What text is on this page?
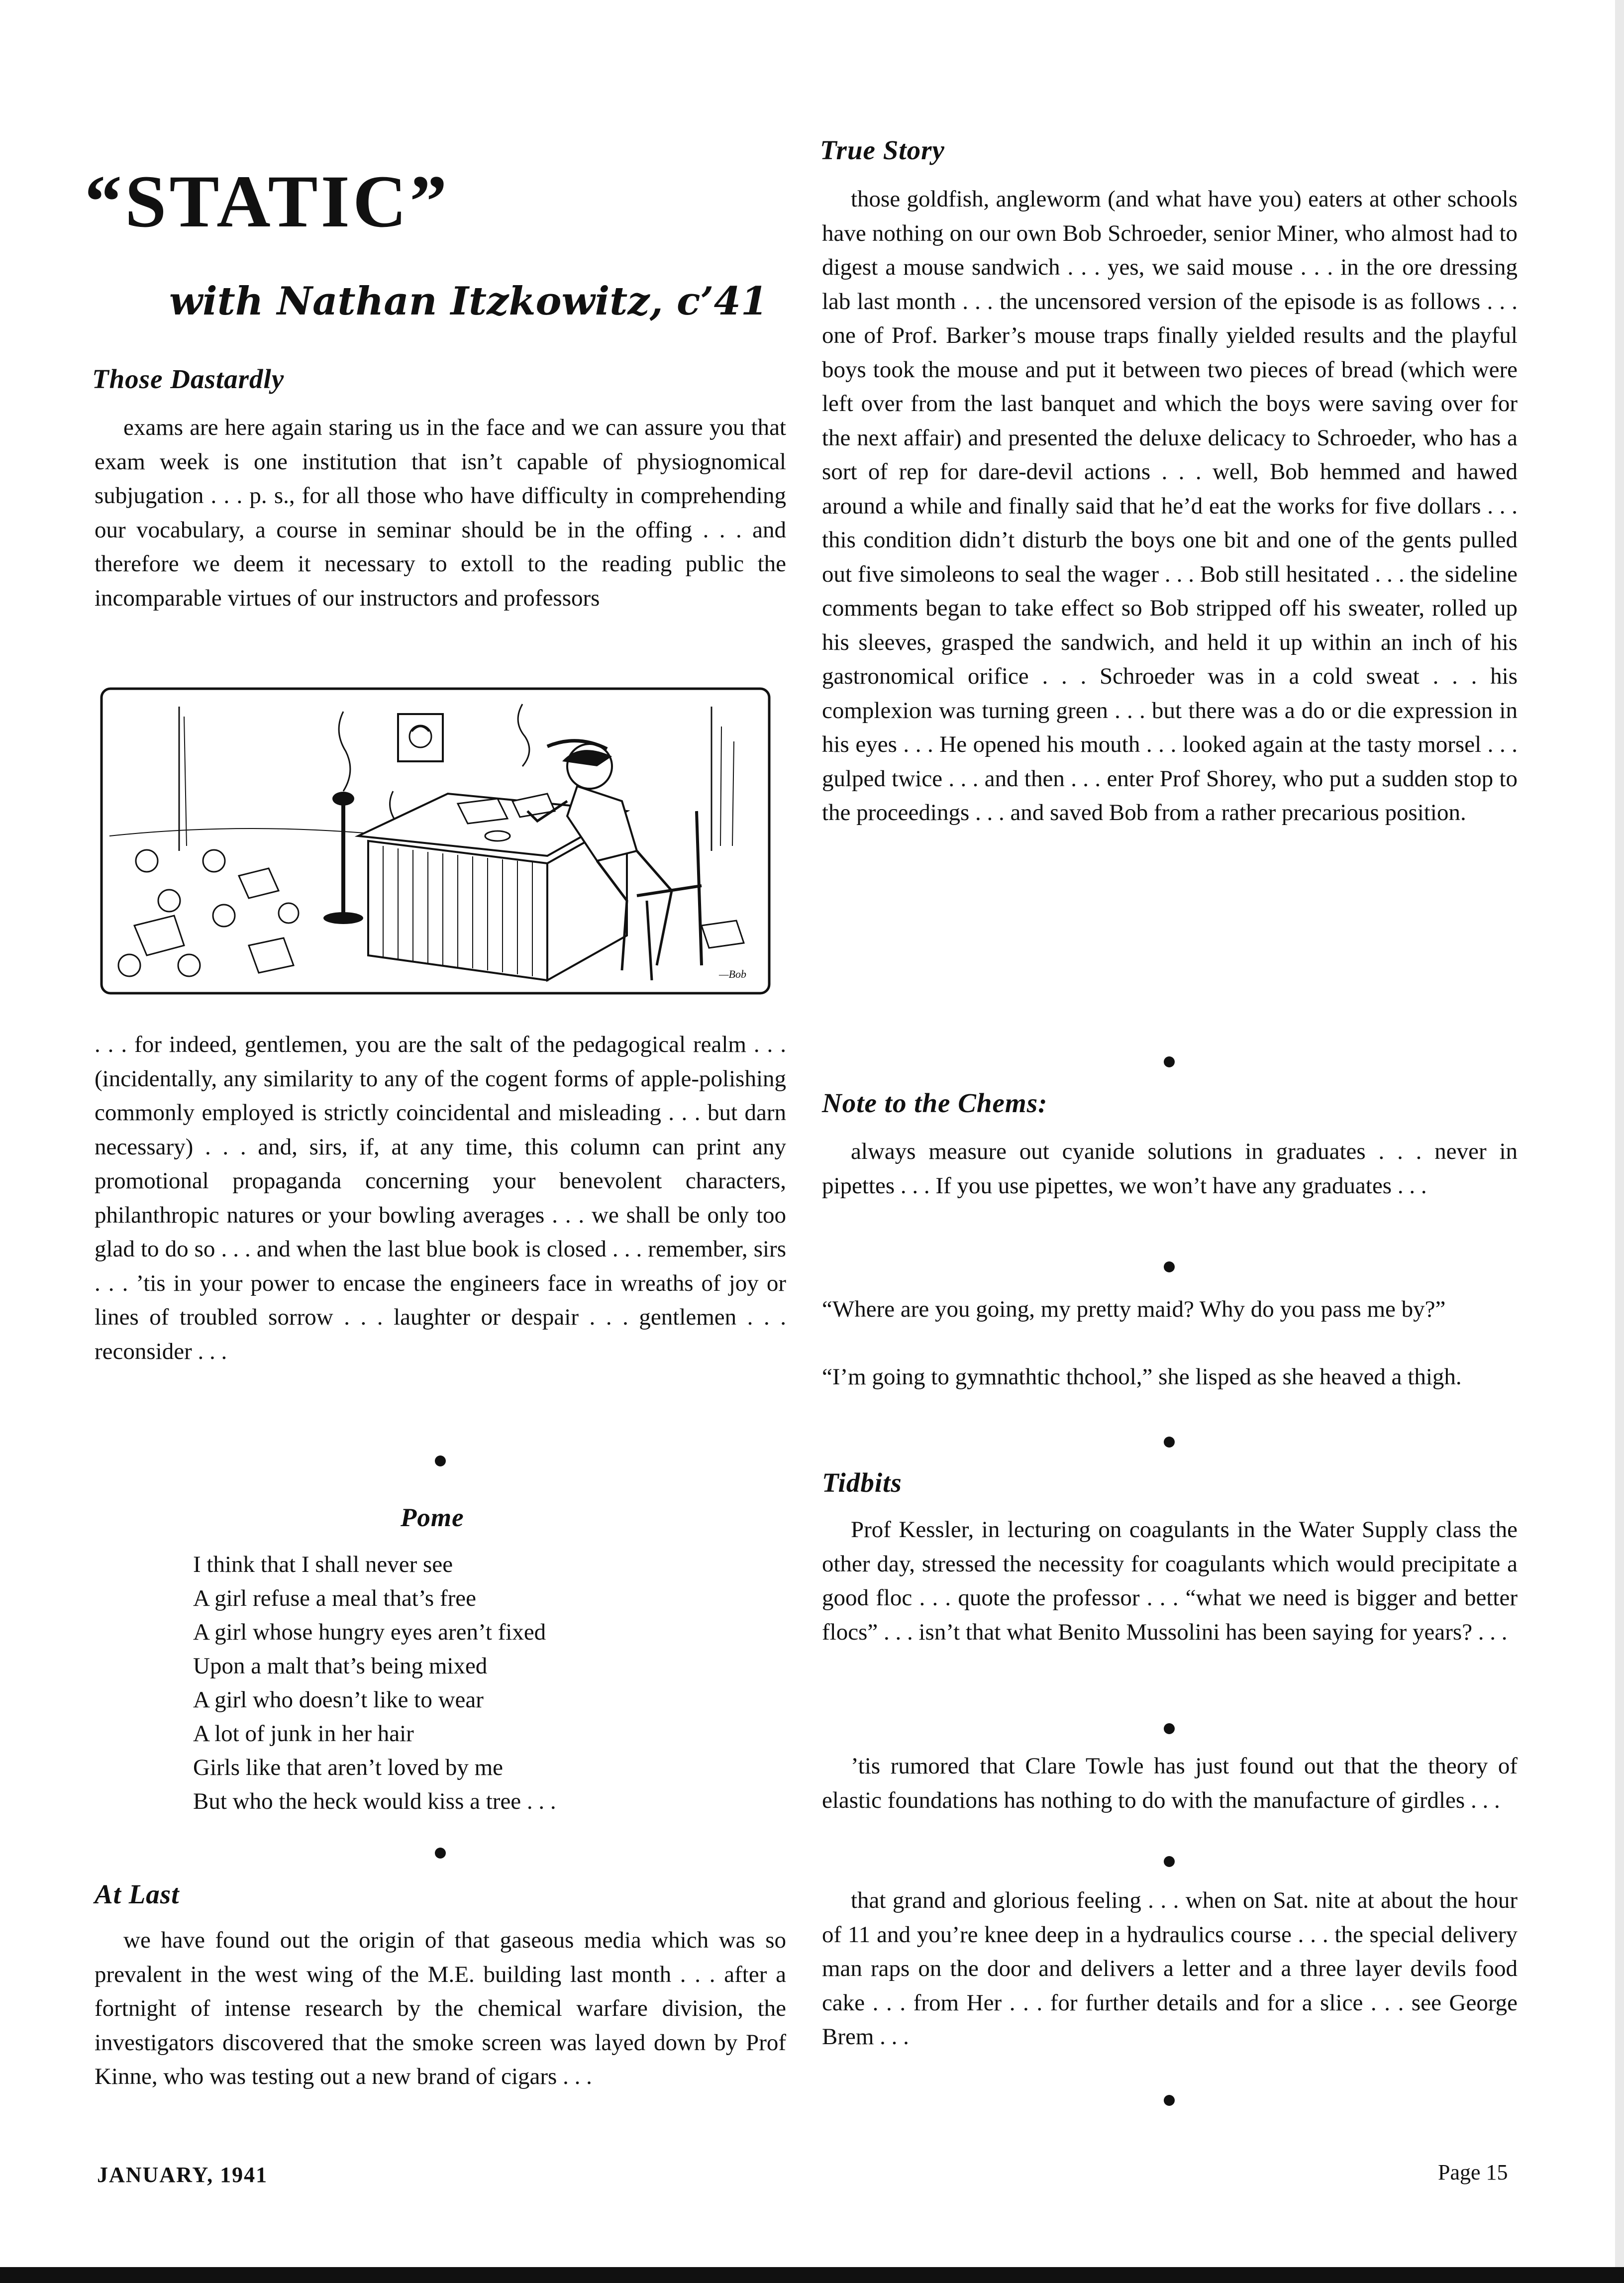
“STATIC”
with Nathan Itzkowitz, c’41

Those Dastardly

exams are here again staring us in the face and we can assure you that exam week is one institution that isn’t capable of physiognomical subjugation . . . p. s., for all those who have difficulty in comprehending our vocabulary, a course in seminar should be in the offing . . . and therefore we deem it necessary to extoll to the reading public the incomparable virtues of our instructors and professors

—Bob

. . . for indeed, gentlemen, you are the salt of the pedagogical realm . . . (incidentally, any similarity to any of the cogent forms of apple-polishing commonly employed is strictly coincidental and misleading . . . but darn necessary) . . . and, sirs, if, at any time, this column can print any promotional propaganda concerning your benevolent characters, philanthropic natures or your bowling averages . . . we shall be only too glad to do so . . . and when the last blue book is closed . . . remember, sirs . . . ’tis in your power to encase the engineers face in wreaths of joy or lines of troubled sorrow . . . laughter or despair . . . gentlemen . . . reconsider . . .

Pome

I think that I shall never see
A girl refuse a meal that’s free
A girl whose hungry eyes aren’t fixed
Upon a malt that’s being mixed
A girl who doesn’t like to wear
A lot of junk in her hair
Girls like that aren’t loved by me
But who the heck would kiss a tree . . .

At Last

we have found out the origin of that gaseous media which was so prevalent in the west wing of the M.E. building last month . . . after a fortnight of intense research by the chemical warfare division, the investigators discovered that the smoke screen was layed down by Prof Kinne, who was testing out a new brand of cigars . . .

True Story

those goldfish, angleworm (and what have you) eaters at other schools have nothing on our own Bob Schroeder, senior Miner, who almost had to digest a mouse sandwich . . . yes, we said mouse . . . in the ore dressing lab last month . . . the uncensored version of the episode is as follows . . . one of Prof. Barker’s mouse traps finally yielded results and the playful boys took the mouse and put it between two pieces of bread (which were left over from the last banquet and which the boys were saving over for the next affair) and presented the deluxe delicacy to Schroeder, who has a sort of rep for dare-devil actions . . . well, Bob hemmed and hawed around a while and finally said that he’d eat the works for five dollars . . . this condition didn’t disturb the boys one bit and one of the gents pulled out five simoleons to seal the wager . . . Bob still hesitated . . . the sideline comments began to take effect so Bob stripped off his sweater, rolled up his sleeves, grasped the sandwich, and held it up within an inch of his gastronomical orifice . . . Schroeder was in a cold sweat . . . his complexion was turning green . . . but there was a do or die expression in his eyes . . . He opened his mouth . . . looked again at the tasty morsel . . . gulped twice . . . and then . . . enter Prof Shorey, who put a sudden stop to the proceedings . . . and saved Bob from a rather precarious position.

Note to the Chems:

always measure out cyanide solutions in graduates . . . never in pipettes . . . If you use pipettes, we won’t have any graduates . . .

“Where are you going, my pretty maid? Why do you pass me by?”

“I’m going to gymnathtic thchool,” she lisped as she heaved a thigh.

Tidbits

Prof Kessler, in lecturing on coagulants in the Water Supply class the other day, stressed the necessity for coagulants which would precipitate a good floc . . . quote the professor . . . “what we need is bigger and better flocs” . . . isn’t that what Benito Mussolini has been saying for years? . . .

’tis rumored that Clare Towle has just found out that the theory of elastic foundations has nothing to do with the manufacture of girdles . . .

that grand and glorious feeling . . . when on Sat. nite at about the hour of 11 and you’re knee deep in a hydraulics course . . . the special delivery man raps on the door and delivers a letter and a three layer devils food cake . . . from Her . . . for further details and for a slice . . . see George Brem . . .

JANUARY, 1941	Page 15
